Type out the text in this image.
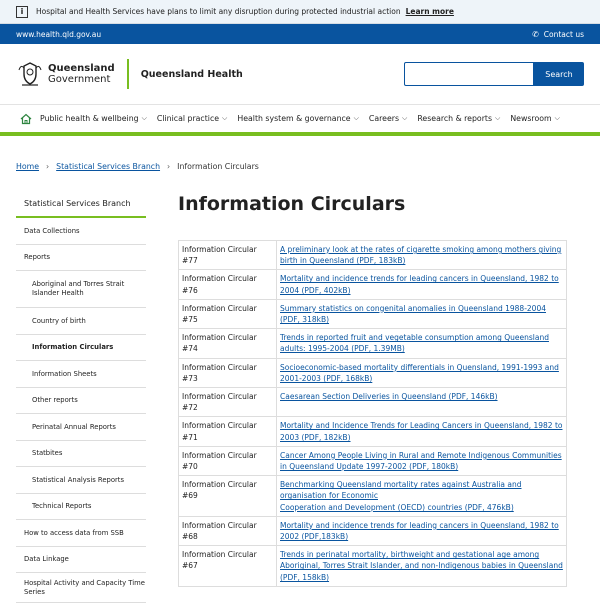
i	Hospital and Health Services have plans to limit any disruption during protected industrial action Learn more
www.health.qld.gov.au	✆ Contact us
Queensland
Government	Queensland Health	Search
Public health & wellbeing ⌵ Clinical practice ⌵ Health system & governance ⌵ Careers ⌵ Research & reports ⌵ Newsroom ⌵
Home › Statistical Services Branch › Information Circulars
Statistical Services Branch
Data Collections
Reports
Aboriginal and Torres Strait Islander Health
Country of birth
Information Circulars
Information Sheets
Other reports
Perinatal Annual Reports
Statbites
Statistical Analysis Reports
Technical Reports
How to access data from SSB
Data Linkage
Hospital Activity and Capacity Time Series
Information Circulars
Information Circular #77	A preliminary look at the rates of cigarette smoking among mothers giving birth in Queensland (PDF, 183kB)
Information Circular #76	Mortality and incidence trends for leading cancers in Queensland, 1982 to 2004 (PDF, 402kB)
Information Circular #75	Summary statistics on congenital anomalies in Queensland 1988-2004 (PDF, 318kB)
Information Circular #74	Trends in reported fruit and vegetable consumption among Queensland adults: 1995-2004 (PDF, 1.39MB)
Information Circular #73	Socioeconomic-based mortality differentials in Quensland, 1991-1993 and 2001-2003 (PDF, 168kB)
Information Circular #72	Caesarean Section Deliveries in Queensland (PDF, 146kB)
Information Circular #71	Mortality and Incidence Trends for Leading Cancers in Queensland, 1982 to 2003 (PDF, 182kB)
Information Circular #70	Cancer Among People Living in Rural and Remote Indigenous Communities in Queensland Update 1997-2002 (PDF, 180kB)
Information Circular #69	Benchmarking Queensland mortality rates against Australia and organisation for Economic
Cooperation and Development (OECD) countries (PDF, 476kB)
Information Circular #68	Mortality and incidence trends for leading cancers in Queensland, 1982 to 2002 (PDF,183kB)
Information Circular #67	Trends in perinatal mortality, birthweight and gestational age among Aboriginal, Torres Strait Islander, and non-Indigenous babies in Queensland (PDF, 158kB)
